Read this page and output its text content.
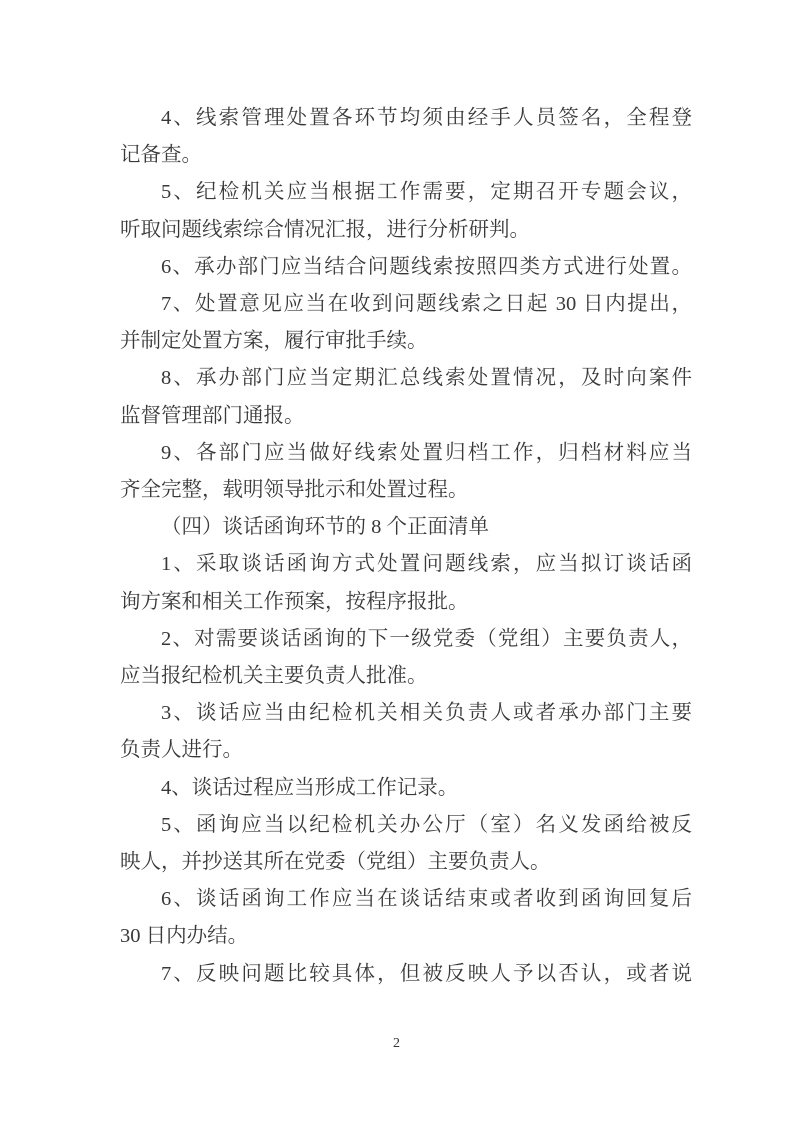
4、线索管理处置各环节均须由经手人员签名，全程登

记备查。

5、纪检机关应当根据工作需要，定期召开专题会议，

听取问题线索综合情况汇报，进行分析研判。

6、承办部门应当结合问题线索按照四类方式进行处置。

7、处置意见应当在收到问题线索之日起 30 日内提出，

并制定处置方案，履行审批手续。

8、承办部门应当定期汇总线索处置情况，及时向案件

监督管理部门通报。

9、各部门应当做好线索处置归档工作，归档材料应当

齐全完整，载明领导批示和处置过程。

（四）谈话函询环节的 8 个正面清单

1、采取谈话函询方式处置问题线索，应当拟订谈话函

询方案和相关工作预案，按程序报批。

2、对需要谈话函询的下一级党委（党组）主要负责人，

应当报纪检机关主要负责人批准。

3、谈话应当由纪检机关相关负责人或者承办部门主要

负责人进行。

4、谈话过程应当形成工作记录。

5、函询应当以纪检机关办公厅（室）名义发函给被反

映人，并抄送其所在党委（党组）主要负责人。

6、谈话函询工作应当在谈话结束或者收到函询回复后

30 日内办结。

7、反映问题比较具体，但被反映人予以否认，或者说

2
